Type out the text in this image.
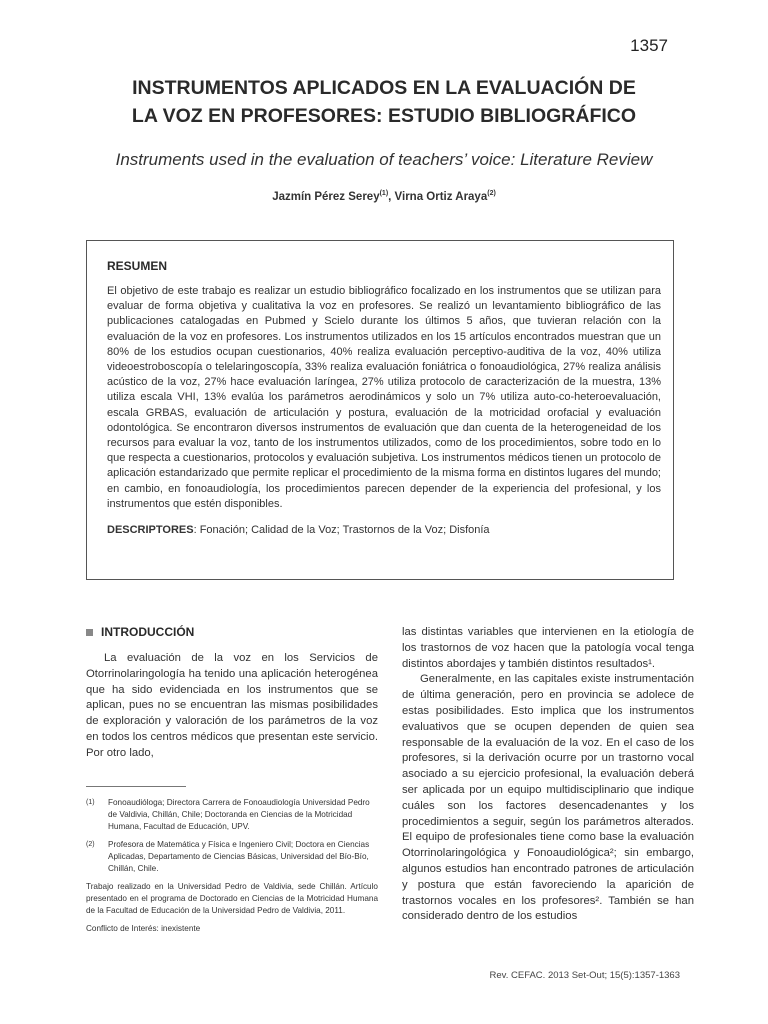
1357
INSTRUMENTOS APLICADOS EN LA EVALUACIÓN DE
LA VOZ EN PROFESORES: ESTUDIO BIBLIOGRÁFICO

Instruments used in the evaluation of teachers’ voice: Literature Review

Jazmín Pérez Serey$^{(1)}$, Virna Ortiz Araya$^{(2)}$
RESUMEN

El objetivo de este trabajo es realizar un estudio bibliográfico focalizado en los instrumentos que se utilizan para evaluar de forma objetiva y cualitativa la voz en profesores. Se realizó un levantamiento bibliográfico de las publicaciones catalogadas en Pubmed y Scielo durante los últimos 5 años, que tuvieran relación con la evaluación de la voz en profesores. Los instrumentos utilizados en los 15 artículos encontrados muestran que un 80% de los estudios ocupan cuestionarios, 40% realiza evaluación perceptivo-auditiva de la voz, 40% utiliza videoestroboscopía o telelaringoscopía, 33% realiza evaluación foniátrica o fonoaudiológica, 27% realiza análisis acústico de la voz, 27% hace evaluación laríngea, 27% utiliza protocolo de caracterización de la muestra, 13% utiliza escala VHI, 13% evalúa los parámetros aerodinámicos y solo un 7% utiliza auto-co-heteroevaluación, escala GRBAS, evaluación de articulación y postura, evaluación de la motricidad orofacial y evaluación odontológica. Se encontraron diversos instrumentos de evaluación que dan cuenta de la heterogeneidad de los recursos para evaluar la voz, tanto de los instrumentos utilizados, como de los procedimientos, sobre todo en lo que respecta a cuestionarios, protocolos y evaluación subjetiva. Los instrumentos médicos tienen un protocolo de aplicación estandarizado que permite replicar el procedimiento de la misma forma en distintos lugares del mundo; en cambio, en fonoaudiología, los procedimientos parecen depender de la experiencia del profesional, y los instrumentos que estén disponibles.

DESCRIPTORES: Fonación; Calidad de la Voz; Trastornos de la Voz; Disfonía
INTRODUCCIÓN

La evaluación de la voz en los Servicios de Otorrinolaringología ha tenido una aplicación heterogénea que ha sido evidenciada en los instrumentos que se aplican, pues no se encuentran las mismas posibilidades de exploración y valoración de los parámetros de la voz en todos los centros médicos que presentan este servicio. Por otro lado,

(1)	Fonoaudióloga; Directora Carrera de Fonoaudiología Universidad Pedro de Valdivia, Chillán, Chile; Doctoranda en Ciencias de la Motricidad Humana, Facultad de Educación, UPV.
(2)	Profesora de Matemática y Física e Ingeniero Civil; Doctora en Ciencias Aplicadas, Departamento de Ciencias Básicas, Universidad del Bío-Bío, Chillán, Chile.

Trabajo realizado en la Universidad Pedro de Valdivia, sede Chillán. Artículo presentado en el programa de Doctorado en Ciencias de la Motricidad Humana de la Facultad de Educación de la Universidad Pedro de Valdivia, 2011.

Conflicto de Interés: inexistente

las distintas variables que intervienen en la etiología de los trastornos de voz hacen que la patología vocal tenga distintos abordajes y también distintos resultados¹.

Generalmente, en las capitales existe instrumentación de última generación, pero en provincia se adolece de estas posibilidades. Esto implica que los instrumentos evaluativos que se ocupen dependen de quien sea responsable de la evaluación de la voz. En el caso de los profesores, si la derivación ocurre por un trastorno vocal asociado a su ejercicio profesional, la evaluación deberá ser aplicada por un equipo multidisciplinario que indique cuáles son los factores desencadenantes y los procedimientos a seguir, según los parámetros alterados. El equipo de profesionales tiene como base la evaluación Otorrinolaringológica y Fonoaudiológica²; sin embargo, algunos estudios han encontrado patrones de articulación y postura que están favoreciendo la aparición de trastornos vocales en los profesores². También se han considerado dentro de los estudios

Rev. CEFAC. 2013 Set-Out; 15(5):1357-1363
